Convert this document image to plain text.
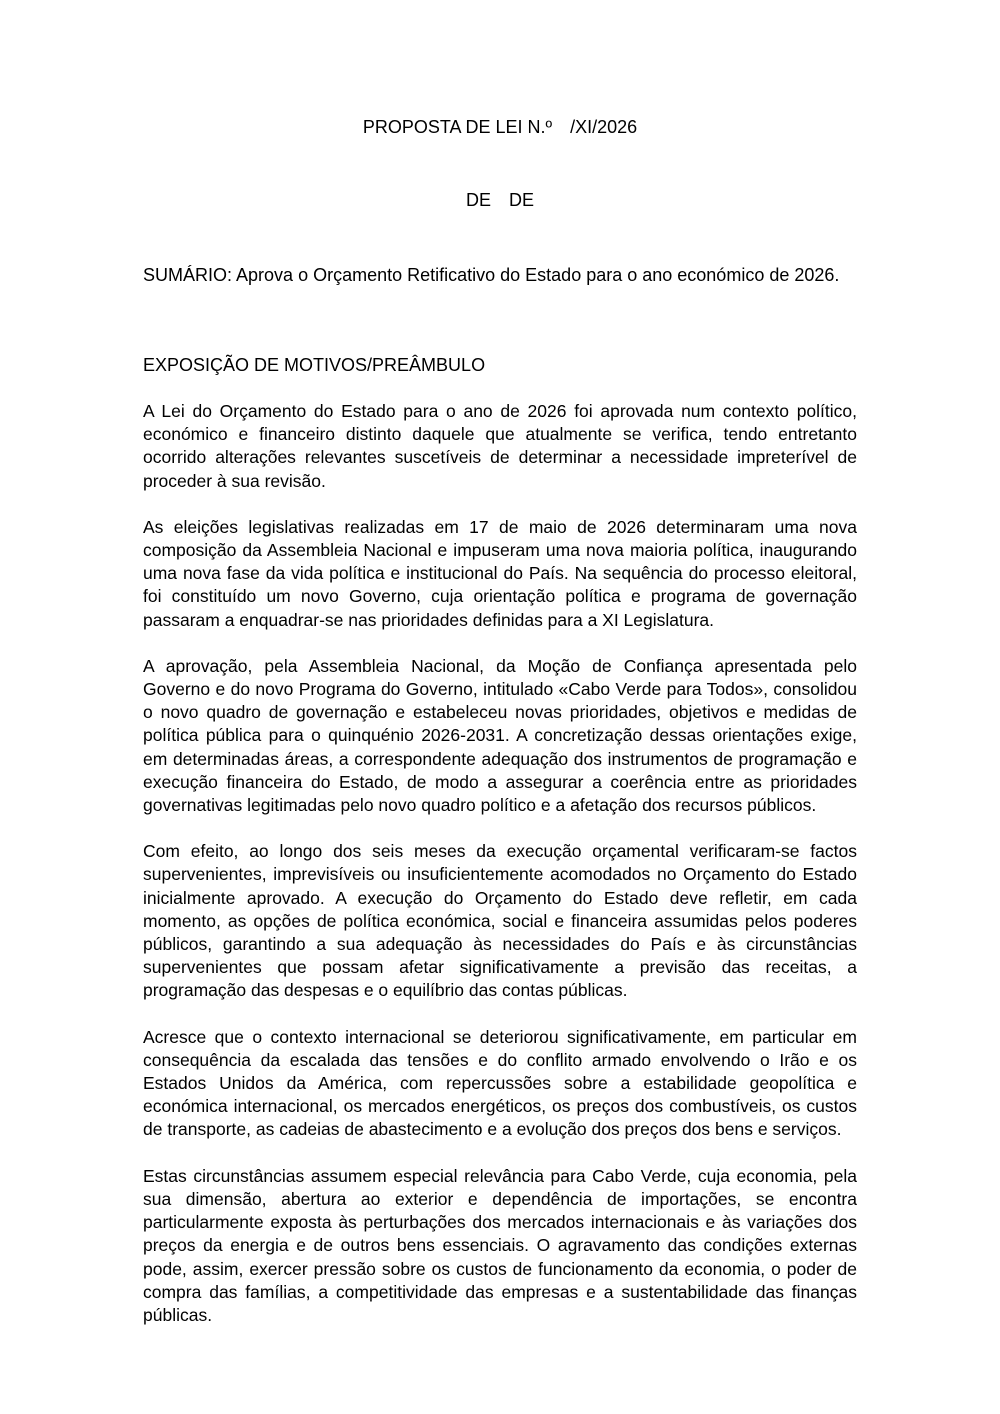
PROPOSTA DE LEI N.º /XI/2026
DE DE
SUMÁRIO: Aprova o Orçamento Retificativo do Estado para o ano económico de 2026.
EXPOSIÇÃO DE MOTIVOS/PREÂMBULO

A Lei do Orçamento do Estado para o ano de 2026 foi aprovada num contexto político, económico e financeiro distinto daquele que atualmente se verifica, tendo entretanto ocorrido alterações relevantes suscetíveis de determinar a necessidade impreterível de proceder à sua revisão.

As eleições legislativas realizadas em 17 de maio de 2026 determinaram uma nova composição da Assembleia Nacional e impuseram uma nova maioria política, inaugurando uma nova fase da vida política e institucional do País. Na sequência do processo eleitoral, foi constituído um novo Governo, cuja orientação política e programa de governação passaram a enquadrar-se nas prioridades definidas para a XI Legislatura.

A aprovação, pela Assembleia Nacional, da Moção de Confiança apresentada pelo Governo e do novo Programa do Governo, intitulado «Cabo Verde para Todos», consolidou o novo quadro de governação e estabeleceu novas prioridades, objetivos e medidas de política pública para o quinquénio 2026-2031. A concretização dessas orientações exige, em determinadas áreas, a correspondente adequação dos instrumentos de programação e execução financeira do Estado, de modo a assegurar a coerência entre as prioridades governativas legitimadas pelo novo quadro político e a afetação dos recursos públicos.

Com efeito, ao longo dos seis meses da execução orçamental verificaram-se factos supervenientes, imprevisíveis ou insuficientemente acomodados no Orçamento do Estado inicialmente aprovado. A execução do Orçamento do Estado deve refletir, em cada momento, as opções de política económica, social e financeira assumidas pelos poderes públicos, garantindo a sua adequação às necessidades do País e às circunstâncias supervenientes que possam afetar significativamente a previsão das receitas, a programação das despesas e o equilíbrio das contas públicas.

Acresce que o contexto internacional se deteriorou significativamente, em particular em consequência da escalada das tensões e do conflito armado envolvendo o Irão e os Estados Unidos da América, com repercussões sobre a estabilidade geopolítica e económica internacional, os mercados energéticos, os preços dos combustíveis, os custos de transporte, as cadeias de abastecimento e a evolução dos preços dos bens e serviços.

Estas circunstâncias assumem especial relevância para Cabo Verde, cuja economia, pela sua dimensão, abertura ao exterior e dependência de importações, se encontra particularmente exposta às perturbações dos mercados internacionais e às variações dos preços da energia e de outros bens essenciais. O agravamento das condições externas pode, assim, exercer pressão sobre os custos de funcionamento da economia, o poder de compra das famílias, a competitividade das empresas e a sustentabilidade das finanças públicas.
